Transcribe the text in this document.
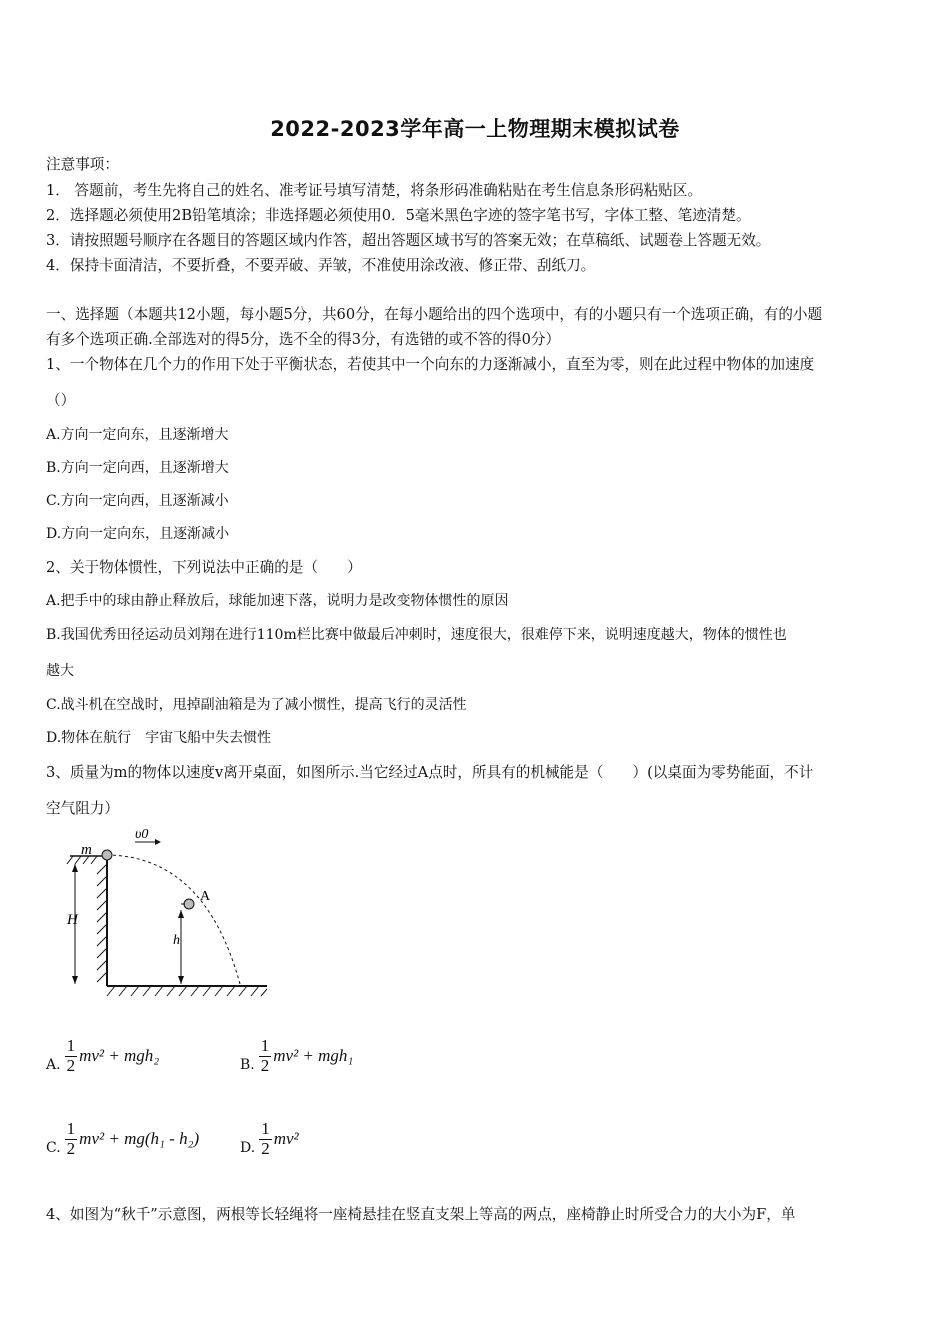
2022-2023学年高一上物理期末模拟试卷
注意事项：
1． 答题前，考生先将自己的姓名、准考证号填写清楚，将条形码准确粘贴在考生信息条形码粘贴区。
2．选择题必须使用2B铅笔填涂；非选择题必须使用0．5毫米黑色字迹的签字笔书写，字体工整、笔迹清楚。
3．请按照题号顺序在各题目的答题区域内作答，超出答题区域书写的答案无效；在草稿纸、试题卷上答题无效。
4．保持卡面清洁，不要折叠，不要弄破、弄皱，不准使用涂改液、修正带、刮纸刀。
一、选择题（本题共12小题，每小题5分，共60分，在每小题给出的四个选项中，有的小题只有一个选项正确，有的小题
有多个选项正确.全部选对的得5分，选不全的得3分，有选错的或不答的得0分）
1、一个物体在几个力的作用下处于平衡状态，若使其中一个向东的力逐渐减小，直至为零，则在此过程中物体的加速度
（）
A.方向一定向东，且逐渐增大
B.方向一定向西，且逐渐增大
C.方向一定向西，且逐渐减小
D.方向一定向东，且逐渐减小
2、关于物体惯性，下列说法中正确的是（　　）
A.把手中的球由静止释放后，球能加速下落，说明力是改变物体惯性的原因
B.我国优秀田径运动员刘翔在进行110m栏比赛中做最后冲刺时，速度很大，很难停下来，说明速度越大，物体的惯性也
越大
C.战斗机在空战时，甩掉副油箱是为了减小惯性，提高飞行的灵活性
D.物体在航行　宇宙飞船中失去惯性
3、质量为m的物体以速度v离开桌面，如图所示.当它经过A点时，所具有的机械能是（　　）(以桌面为零势能面，不计
空气阻力）
m
υ0
A
H
h
A. $\frac{1}{2} mv^2 + mgh_2$
B. $\frac{1}{2} mv^2 + mgh_1$
C. $\frac{1}{2} mv^2 + mg(h_1 - h_2)$
D. $\frac{1}{2} mv^2$
4、如图为“秋千”示意图，两根等长轻绳将一座椅悬挂在竖直支架上等高的两点，座椅静止时所受合力的大小为F，单
